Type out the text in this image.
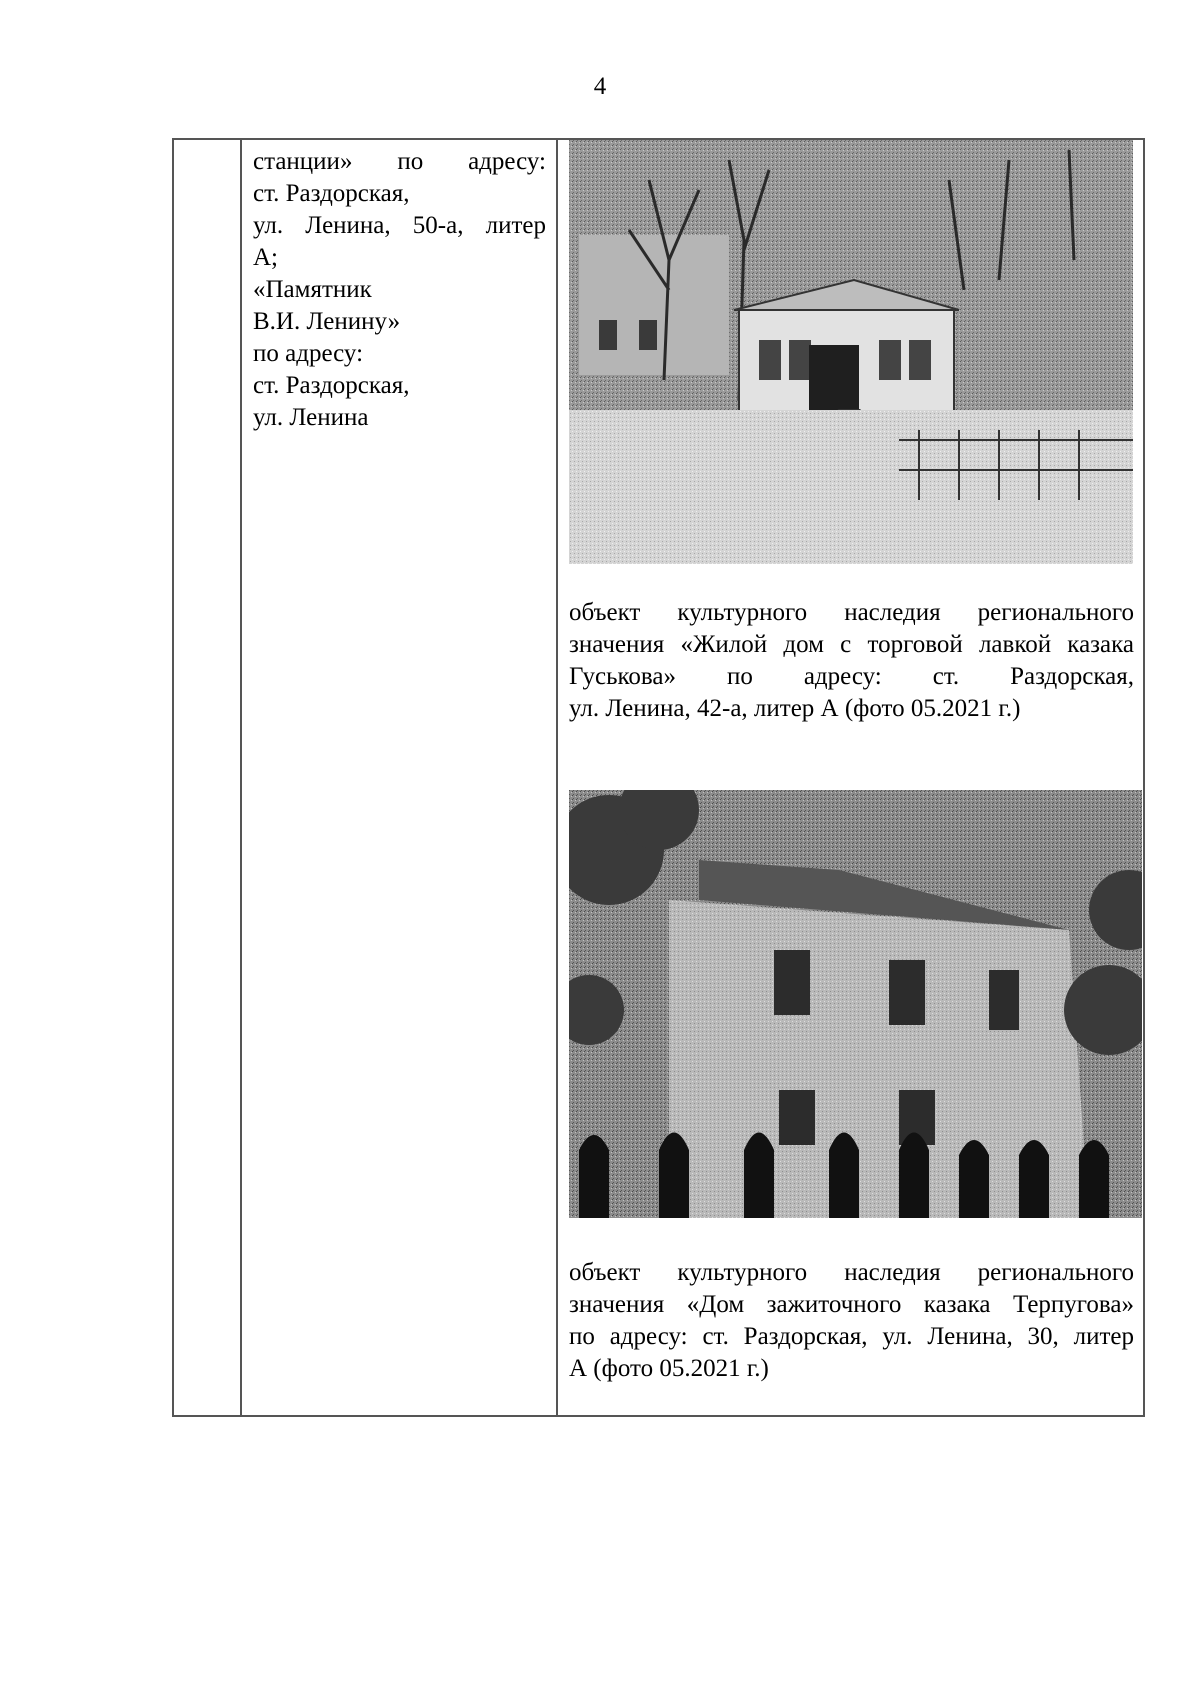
4
станции» по адресу:
ст. Раздорская,
ул. Ленина, 50-а, литер
А;
«Памятник
В.И. Ленину»
по адресу:
ст. Раздорская,
ул. Ленина
объект культурного наследия регионального
значения «Жилой дом с торговой лавкой казака
Гуськова» по адресу: ст. Раздорская,
ул. Ленина, 42-а, литер А (фото 05.2021 г.)
объект культурного наследия регионального
значения «Дом зажиточного казака Терпугова»
по адресу: ст. Раздорская, ул. Ленина, 30, литер
А (фото 05.2021 г.)
